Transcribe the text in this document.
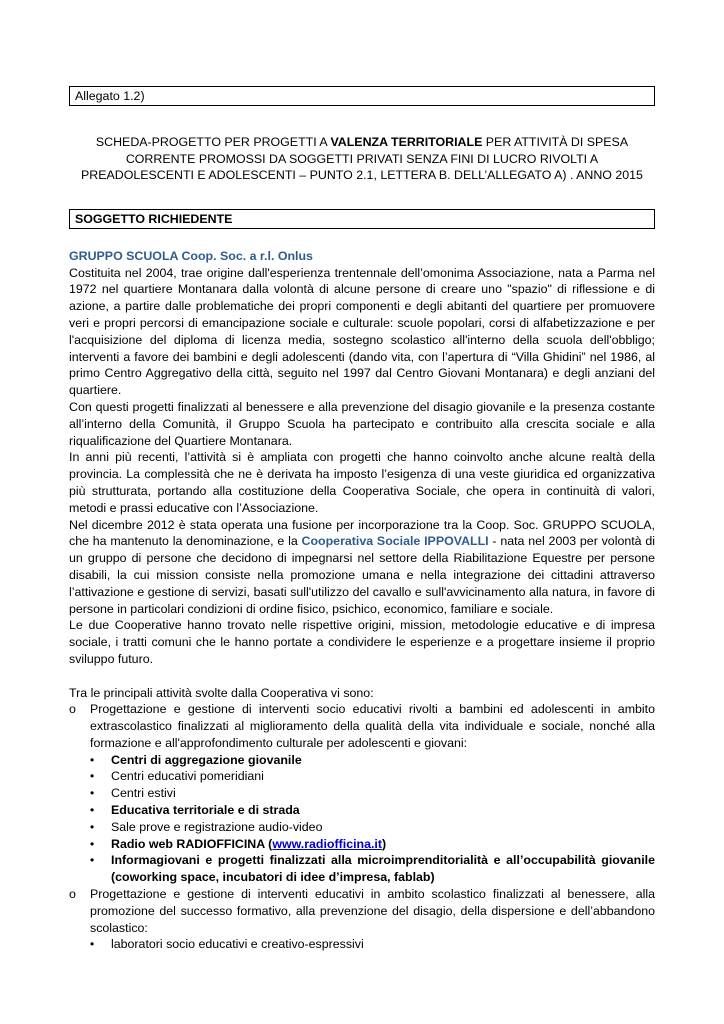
Allegato 1.2)
SCHEDA-PROGETTO PER PROGETTI A VALENZA TERRITORIALE PER ATTIVITÀ DI SPESA CORRENTE PROMOSSI DA SOGGETTI PRIVATI SENZA FINI DI LUCRO RIVOLTI A PREADOLESCENTI E ADOLESCENTI – PUNTO 2.1, LETTERA B. DELL’ALLEGATO A) . ANNO 2015
SOGGETTO RICHIEDENTE
GRUPPO SCUOLA Coop. Soc. a r.l. Onlus

Costituita nel 2004, trae origine dall'esperienza trentennale dell’omonima Associazione, nata a Parma nel 1972 nel quartiere Montanara dalla volontà di alcune persone di creare uno "spazio" di riflessione e di azione, a partire dalle problematiche dei propri componenti e degli abitanti del quartiere per promuovere veri e propri percorsi di emancipazione sociale e culturale: scuole popolari, corsi di alfabetizzazione e per l'acquisizione del diploma di licenza media, sostegno scolastico all'interno della scuola dell'obbligo; interventi a favore dei bambini e degli adolescenti (dando vita, con l’apertura di “Villa Ghidini” nel 1986, al primo Centro Aggregativo della città, seguito nel 1997 dal Centro Giovani Montanara) e degli anziani del quartiere.

Con questi progetti finalizzati al benessere e alla prevenzione del disagio giovanile e la presenza costante all’interno della Comunità, il Gruppo Scuola ha partecipato e contribuito alla crescita sociale e alla riqualificazione del Quartiere Montanara.

In anni più recenti, l’attività si è ampliata con progetti che hanno coinvolto anche alcune realtà della provincia. La complessità che ne è derivata ha imposto l’esigenza di una veste giuridica ed organizzativa più strutturata, portando alla costituzione della Cooperativa Sociale, che opera in continuità di valori, metodi e prassi educative con l’Associazione.

Nel dicembre 2012 è stata operata una fusione per incorporazione tra la Coop. Soc. GRUPPO SCUOLA, che ha mantenuto la denominazione, e la Cooperativa Sociale IPPOVALLI - nata nel 2003 per volontà di un gruppo di persone che decidono di impegnarsi nel settore della Riabilitazione Equestre per persone disabili, la cui mission consiste nella promozione umana e nella integrazione dei cittadini attraverso l’attivazione e gestione di servizi, basati sull'utilizzo del cavallo e sull'avvicinamento alla natura, in favore di persone in particolari condizioni di ordine fisico, psichico, economico, familiare e sociale.

Le due Cooperative hanno trovato nelle rispettive origini, mission, metodologie educative e di impresa sociale, i tratti comuni che le hanno portate a condividere le esperienze e a progettare insieme il proprio sviluppo futuro.

Tra le principali attività svolte dalla Cooperativa vi sono:

o Progettazione e gestione di interventi socio educativi rivolti a bambini ed adolescenti in ambito extrascolastico finalizzati al miglioramento della qualità della vita individuale e sociale, nonché alla formazione e all'approfondimento culturale per adolescenti e giovani:
• Centri di aggregazione giovanile
• Centri educativi pomeridiani
• Centri estivi
• Educativa territoriale e di strada
• Sale prove e registrazione audio-video
• Radio web RADIOFFICINA (www.radiofficina.it)
• Informagiovani e progetti finalizzati alla microimprenditorialità e all’occupabilità giovanile (coworking space, incubatori di idee d’impresa, fablab)
o Progettazione e gestione di interventi educativi in ambito scolastico finalizzati al benessere, alla promozione del successo formativo, alla prevenzione del disagio, della dispersione e dell’abbandono scolastico:
• laboratori socio educativi e creativo-espressivi
